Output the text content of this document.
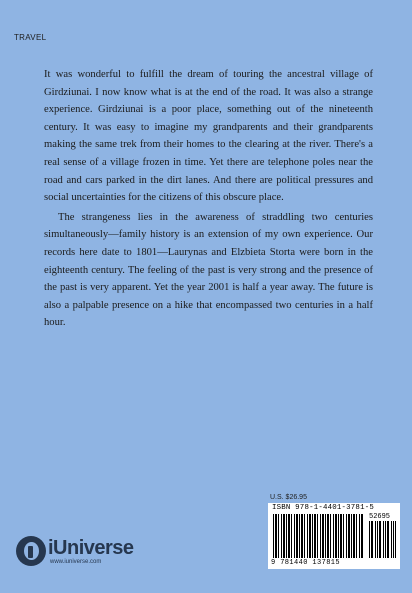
TRAVEL

It was wonderful to fulfill the dream of touring the ancestral village of Girdziunai. I now know what is at the end of the road. It was also a strange experience. Girdziunai is a poor place, something out of the nineteenth century. It was easy to imagine my grandparents and their grandparents making the same trek from their homes to the clearing at the river. There's a real sense of a village frozen in time. Yet there are telephone poles near the road and cars parked in the dirt lanes. And there are political pressures and social uncertainties for the citizens of this obscure place.

The strangeness lies in the awareness of straddling two centuries simultaneously—family history is an extension of my own experience. Our records here date to 1801—Laurynas and Elzbieta Storta were born in the eighteenth century. The feeling of the past is very strong and the presence of the past is very apparent. Yet the year 2001 is half a year away. The future is also a palpable presence on a hike that encompassed two centuries in a half hour.

U.S. $26.95
ISBN 978-1-4401-3781-5
52695
9 781440 137815
iUniverse
www.iuniverse.com
